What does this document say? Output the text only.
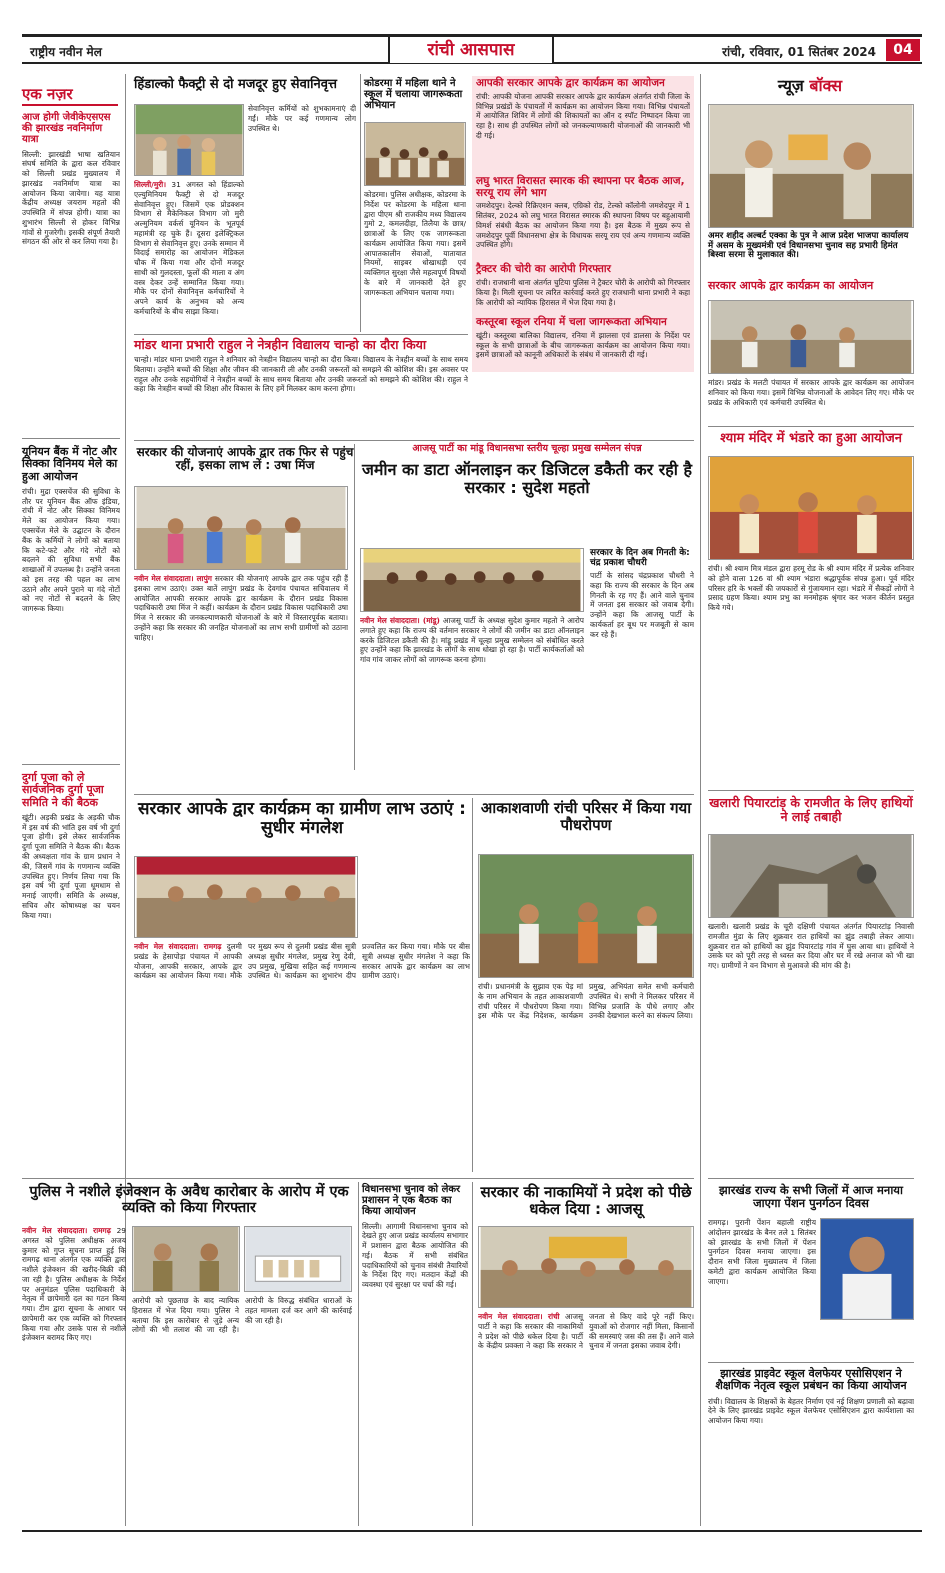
राष्ट्रीय नवीन मेल	रांची आसपास	रांची, रविवार, 01 सितंबर 2024	04
एक नज़र
आज होगी जेवीकेएसएस की झारखंड नवनिर्माण यात्रा
सिल्ली: झारखंडी भाषा खतियान संघर्ष समिति के द्वारा कल रविवार को सिल्ली प्रखंड मुख्यालय में झारखंड नवनिर्माण यात्रा का आयोजन किया जायेगा। यह यात्रा केंद्रीय अध्यक्ष जयराम महतो की उपस्थिति में संपन्न होगी। यात्रा का शुभारंभ सिल्ली से होकर विभिन्न गांवों से गुजरेगी। इसकी संपूर्ण तैयारी संगठन की ओर से कर लिया गया है।
यूनियन बैंक में नोट और सिक्का विनिमय मेले का हुआ आयोजन
रांची। मुद्रा एक्सचेंज की सुविधा के तौर पर यूनियन बैंक ऑफ इंडिया, रांची में नोट और सिक्का विनिमय मेले का आयोजन किया गया। एक्सचेंज मेले के उद्घाटन के दौरान बैंक के कर्मियों ने लोगों को बताया कि कटे-फटे और गंदे नोटों को बदलने की सुविधा सभी बैंक शाखाओं में उपलब्ध है। उन्होंने जनता को इस तरह की पहल का लाभ उठाने और अपने पुराने या गंदे नोटों को नए नोटों से बदलने के लिए जागरूक किया।
दुर्गा पूजा को ले सार्वजनिक दुर्गा पूजा समिति ने की बैठक
खूंटी। अड़की प्रखंड के अड़की चौक में इस वर्ष की भांति इस वर्ष भी दुर्गा पूजा होगी। इसे लेकर सार्वजनिक दुर्गा पूजा समिति ने बैठक की। बैठक की अध्यक्षता गांव के ग्राम प्रधान ने की, जिसमें गांव के गणमान्य व्यक्ति उपस्थित हुए। निर्णय लिया गया कि इस वर्ष भी दुर्गा पूजा धूमधाम से मनाई जाएगी। समिति के अध्यक्ष, सचिव और कोषाध्यक्ष का चयन किया गया।
हिंडाल्को फैक्ट्री से दो मजदूर हुए सेवानिवृत्त
सिल्ली/मुरी। 31 अगस्त को हिंडाल्को एल्युमिनियम फैक्ट्री से दो मजदूर सेवानिवृत्त हुए। जिसमें एक प्रोडक्शन विभाग से मैकेनिकल विभाग जो मुरी अल्मुनियम वर्कर्स यूनियन के भूतपूर्व महामंत्री रह चुके हैं। दूसरा इलेक्ट्रिकल विभाग से सेवानिवृत्त हुए। उनके सम्मान में विदाई समारोह का आयोजन मेडिकल चौक में किया गया और दोनों मजदूर साथी को गुलदस्ता, फूलों की माला व अंग वस्त्र देकर उन्हें सम्मानित किया गया। मौके पर दोनों सेवानिवृत्त कर्मचारियों ने अपने कार्य के अनुभव को अन्य कर्मचारियों के बीच साझा किया।
सेवानिवृत्त कर्मियों को शुभकामनाएं दी गईं। मौके पर कई गणमान्य लोग उपस्थित थे।
कोडरमा में महिला थाने ने स्कूल में चलाया जागरूकता अभियान
कोडरमा। पुलिस अधीक्षक, कोडरमा के निर्देश पर कोडरमा के महिला थाना द्वारा पीएम श्री राजकीय मध्य विद्यालय गुमो 2, कमलदीहा, तिलैया के छात्र/छात्राओं के लिए एक जागरूकता कार्यक्रम आयोजित किया गया। इसमें आपातकालीन सेवाओं, यातायात नियमों, साइबर धोखाधड़ी एवं व्यक्तिगत सुरक्षा जैसे महत्वपूर्ण विषयों के बारे में जानकारी देते हुए जागरूकता अभियान चलाया गया।
मांडर थाना प्रभारी राहुल ने नेत्रहीन विद्यालय चान्हो का दौरा किया
चान्हो। मांडर थाना प्रभारी राहुल ने शनिवार को नेत्रहीन विद्यालय चान्हो का दौरा किया। विद्यालय के नेत्रहीन बच्चों के साथ समय बिताया। उन्होंने बच्चों की शिक्षा और जीवन की जानकारी ली और उनकी जरूरतों को समझने की कोशिश की। इस अवसर पर राहुल और उनके सहयोगियों ने नेत्रहीन बच्चों के साथ समय बिताया और उनकी जरूरतों को समझने की कोशिश की। राहुल ने कहा कि नेत्रहीन बच्चों की शिक्षा और विकास के लिए हमें मिलकर काम करना होगा।
आपकी सरकार आपके द्वार कार्यक्रम का आयोजन
रांची: आपकी योजना आपकी सरकार आपके द्वार कार्यक्रम अंतर्गत रांची जिला के विभिन्न प्रखंडों के पंचायतों में कार्यक्रम का आयोजन किया गया। विभिन्न पंचायतों में आयोजित शिविर में लोगों की शिकायतों का ऑन द स्पॉट निष्पादन किया जा रहा है। साथ ही उपस्थित लोगों को जनकल्याणकारी योजनाओं की जानकारी भी दी गई।
लघु भारत विरासत स्मारक की स्थापना पर बैठक आज, सरयू राय लेंगे भाग
जमशेदपुर। देल्को रिक्रिएशन क्लब, एग्रिको रोड, टेल्को कॉलोनी जमशेदपुर में 1 सितंबर, 2024 को लघु भारत विरासत स्मारक की स्थापना विषय पर बहुआयामी विमर्श संबंधी बैठक का आयोजन किया गया है। इस बैठक में मुख्य रूप से जमशेदपुर पूर्वी विधानसभा क्षेत्र के विधायक सरयू राय एवं अन्य गणमान्य व्यक्ति उपस्थित होंगे।
ट्रैक्टर की चोरी का आरोपी गिरफ्तार
रांची। राजधानी थाना अंतर्गत चुटिया पुलिस ने ट्रैक्टर चोरी के आरोपी को गिरफ्तार किया है। मिली सूचना पर त्वरित कार्रवाई करते हुए राजधानी थाना प्रभारी ने कहा कि आरोपी को न्यायिक हिरासत में भेज दिया गया है।
कस्तूरबा स्कूल रनिया में चला जागरूकता अभियान
खूंटी। कस्तूरबा बालिका विद्यालय, रनिया में झालसा एवं डालसा के निर्देश पर स्कूल के सभी छात्राओं के बीच जागरूकता कार्यक्रम का आयोजन किया गया। इसमें छात्राओं को कानूनी अधिकारों के संबंध में जानकारी दी गई।
न्यूज़ बॉक्स
अमर शहीद अल्बर्ट एक्का के पुत्र ने आज प्रदेश भाजपा कार्यालय में असम के मुख्यमंत्री एवं विधानसभा चुनाव सह प्रभारी हिमंत बिस्वा सरमा से मुलाकात की।
सरकार आपके द्वार कार्यक्रम का आयोजन
मांडर। प्रखंड के मलटी पंचायत में सरकार आपके द्वार कार्यक्रम का आयोजन शनिवार को किया गया। इसमें विभिन्न योजनाओं के आवेदन लिए गए। मौके पर प्रखंड के अधिकारी एवं कर्मचारी उपस्थित थे।
श्याम मंदिर में भंडारे का हुआ आयोजन
रांची। श्री श्याम मित्र मंडल द्वारा हरमू रोड के श्री श्याम मंदिर में प्रत्येक शनिवार को होने वाला 126 वां श्री श्याम भंडारा श्रद्धापूर्वक संपन्न हुआ। पूर्व मंदिर परिसर हरि के भक्तों की जयकारों से गुंजायमान रहा। भंडारे में सैकड़ों लोगों ने प्रसाद ग्रहण किया। श्याम प्रभु का मनमोहक श्रृंगार कर भजन कीर्तन प्रस्तुत किये गये।
खलारी पियारटांड़ के रामजीत के लिए हाथियों ने लाई तबाही
खलारी। खलारी प्रखंड के चूरी दक्षिणी पंचायत अंतर्गत पियारटांड़ निवासी रामजीत मुंडा के लिए शुक्रवार रात हाथियों का झुंड तबाही लेकर आया। शुक्रवार रात को हाथियों का झुंड पियारटांड़ गांव में घुस आया था। हाथियों ने उसके घर को पूरी तरह से ध्वस्त कर दिया और घर में रखे अनाज को भी खा गए। ग्रामीणों ने वन विभाग से मुआवजे की मांग की है।
झारखंड राज्य के सभी जिलों में आज मनाया जाएगा पेंशन पुनर्गठन दिवस
रामगढ़। पुरानी पेंशन बहाली राष्ट्रीय आंदोलन झारखंड के बैनर तले 1 सितंबर को झारखंड के सभी जिलों में पेंशन पुनर्गठन दिवस मनाया जाएगा। इस दौरान सभी जिला मुख्यालय में जिला कमेटी द्वारा कार्यक्रम आयोजित किया जाएगा।
झारखंड प्राइवेट स्कूल वेलफेयर एसोसिएशन ने शैक्षणिक नेतृत्व स्कूल प्रबंधन का किया आयोजन
रांची। विद्यालय के शिक्षकों के बेहतर निर्माण एवं नई शिक्षण प्रणाली को बढ़ावा देने के लिए झारखंड प्राइवेट स्कूल वेलफेयर एसोसिएशन द्वारा कार्यशाला का आयोजन किया गया।
सरकार की योजनाएं आपके द्वार तक फिर से पहुंच रहीं, इसका लाभ लें : उषा मिंज
नवीन मेल संवाददाता। लापुंग सरकार की योजनाएं आपके द्वार तक पहुंच रही हैं इसका लाभ उठाएं। उक्त बातें लापुंग प्रखंड के देवगांव पंचायत सचिवालय में आयोजित आपकी सरकार आपके द्वार कार्यक्रम के दौरान प्रखंड विकास पदाधिकारी उषा मिंज ने कहीं। कार्यक्रम के दौरान प्रखंड विकास पदाधिकारी उषा मिंज ने सरकार की जनकल्याणकारी योजनाओं के बारे में विस्तारपूर्वक बताया। उन्होंने कहा कि सरकार की जनहित योजनाओं का लाभ सभी ग्रामीणों को उठाना चाहिए।
आजसू पार्टी का मांडू विधानसभा स्तरीय चूल्हा प्रमुख सम्मेलन संपन्न
जमीन का डाटा ऑनलाइन कर डिजिटल डकैती कर रही है सरकार : सुदेश महतो
नवीन मेल संवाददाता। (मांडू) आजसू पार्टी के अध्यक्ष सुदेश कुमार महतो ने आरोप लगाते हुए कहा कि राज्य की वर्तमान सरकार ने लोगों की जमीन का डाटा ऑनलाइन करके डिजिटल डकैती की है। मांडू प्रखंड में चूल्हा प्रमुख सम्मेलन को संबोधित करते हुए उन्होंने कहा कि झारखंड के लोगों के साथ धोखा हो रहा है। पार्टी कार्यकर्ताओं को गांव गांव जाकर लोगों को जागरूक करना होगा।
सरकार के दिन अब गिनती के: चंद्र प्रकाश चौधरी
पार्टी के सांसद चंद्रप्रकाश चौधरी ने कहा कि राज्य की सरकार के दिन अब गिनती के रह गए हैं। आने वाले चुनाव में जनता इस सरकार को जवाब देगी। उन्होंने कहा कि आजसू पार्टी के कार्यकर्ता हर बूथ पर मजबूती से काम कर रहे हैं।
सरकार आपके द्वार कार्यक्रम का ग्रामीण लाभ उठाएं : सुधीर मंगलेश
नवीन मेल संवाददाता। रामगढ़ दुलमी प्रखंड के हेसापोड़ा पंचायत में आपकी योजना, आपकी सरकार, आपके द्वार कार्यक्रम का आयोजन किया गया। मौके पर मुख्य रूप से दुलमी प्रखंड बीस सूत्री अध्यक्ष सुधीर मंगलेश, प्रमुख रेणु देवी, उप प्रमुख, मुखिया सहित कई गणमान्य उपस्थित थे। कार्यक्रम का शुभारंभ दीप प्रज्वलित कर किया गया। मौके पर बीस सूत्री अध्यक्ष सुधीर मंगलेश ने कहा कि सरकार आपके द्वार कार्यक्रम का लाभ ग्रामीण उठाएं।
आकाशवाणी रांची परिसर में किया गया पौधरोपण
रांची। प्रधानमंत्री के सुझाव एक पेड़ मां के नाम अभियान के तहत आकाशवाणी रांची परिसर में पौधरोपण किया गया। इस मौके पर केंद्र निदेशक, कार्यक्रम प्रमुख, अभियंता समेत सभी कर्मचारी उपस्थित थे। सभी ने मिलकर परिसर में विभिन्न प्रजाति के पौधे लगाए और उनकी देखभाल करने का संकल्प लिया।
पुलिस ने नशीले इंजेक्शन के अवैध कारोबार के आरोप में एक व्यक्ति को किया गिरफ्तार
नवीन मेल संवाददाता। रामगढ़ 29 अगस्त को पुलिस अधीक्षक अजय कुमार को गुप्त सूचना प्राप्त हुई कि रामगढ़ थाना अंतर्गत एक व्यक्ति द्वारा नशीले इंजेक्शन की खरीद-बिक्री की जा रही है। पुलिस अधीक्षक के निर्देश पर अनुमंडल पुलिस पदाधिकारी के नेतृत्व में छापेमारी दल का गठन किया गया। टीम द्वारा सूचना के आधार पर छापेमारी कर एक व्यक्ति को गिरफ्तार किया गया और उसके पास से नशीले इंजेक्शन बरामद किए गए।
आरोपी को पूछताछ के बाद न्यायिक हिरासत में भेज दिया गया। पुलिस ने बताया कि इस कारोबार से जुड़े अन्य लोगों की भी तलाश की जा रही है। आरोपी के विरुद्ध संबंधित धाराओं के तहत मामला दर्ज कर आगे की कार्रवाई की जा रही है।
विधानसभा चुनाव को लेकर प्रशासन ने एक बैठक का किया आयोजन
सिल्ली। आगामी विधानसभा चुनाव को देखते हुए आज प्रखंड कार्यालय सभागार में प्रशासन द्वारा बैठक आयोजित की गई। बैठक में सभी संबंधित पदाधिकारियों को चुनाव संबंधी तैयारियों के निर्देश दिए गए। मतदान केंद्रों की व्यवस्था एवं सुरक्षा पर चर्चा की गई।
सरकार की नाकामियों ने प्रदेश को पीछे धकेल दिया : आजसू
नवीन मेल संवाददाता। रांची आजसू पार्टी ने कहा कि सरकार की नाकामियों ने प्रदेश को पीछे धकेल दिया है। पार्टी के केंद्रीय प्रवक्ता ने कहा कि सरकार ने जनता से किए वादे पूरे नहीं किए। युवाओं को रोजगार नहीं मिला, किसानों की समस्याएं जस की तस हैं। आने वाले चुनाव में जनता इसका जवाब देगी।
